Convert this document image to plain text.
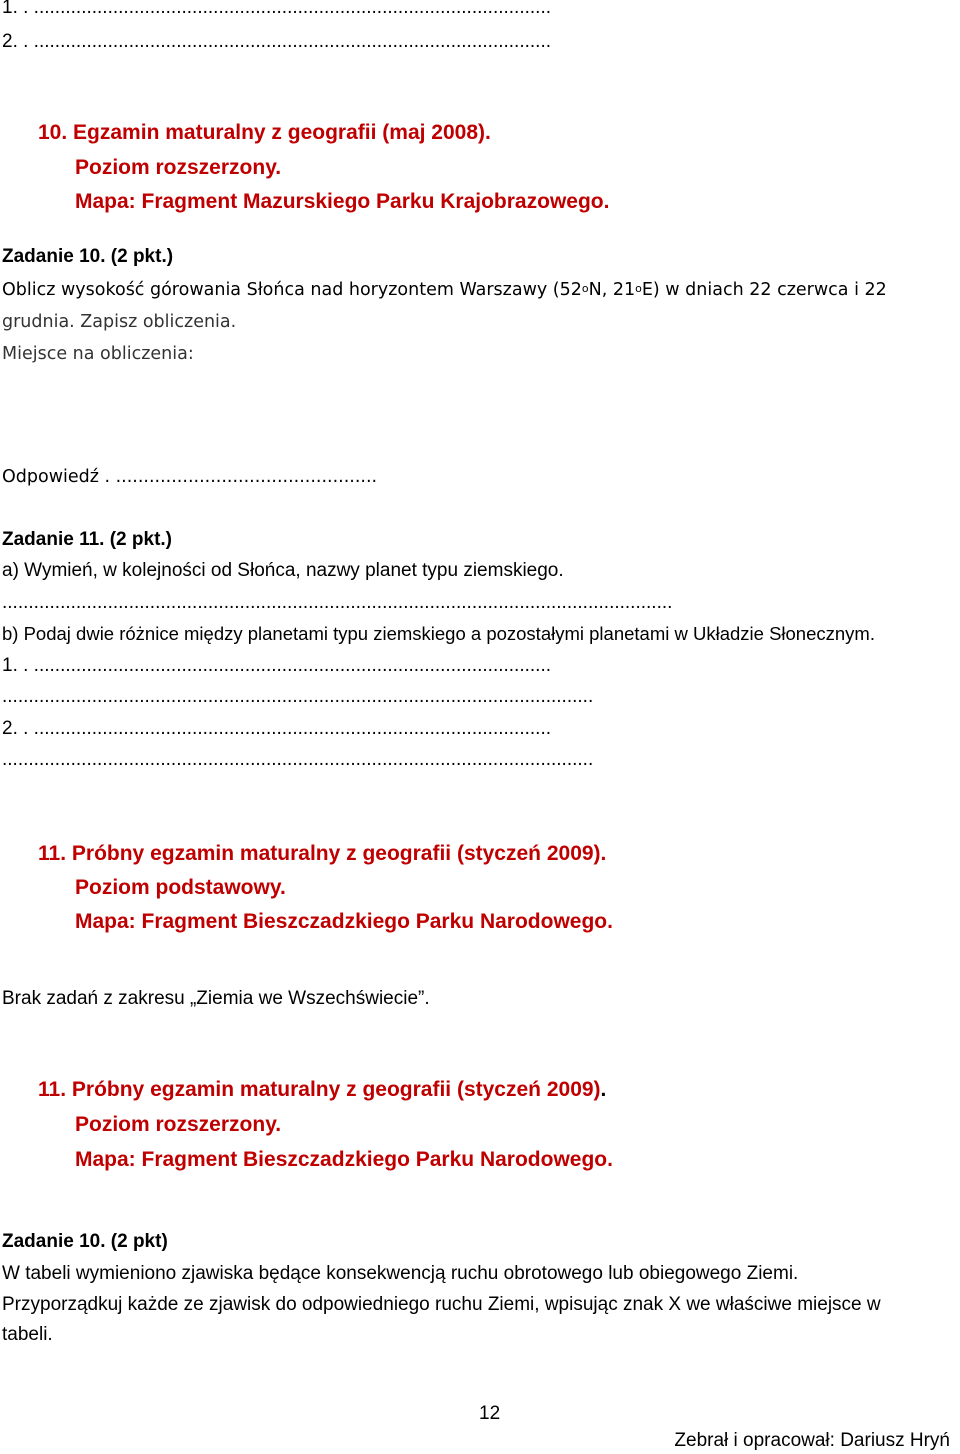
1. . ..................................................................................................
2. . ..................................................................................................
10. Egzamin maturalny z geografii (maj 2008).
Poziom rozszerzony.
Mapa: Fragment Mazurskiego Parku Krajobrazowego.
Zadanie 10. (2 pkt.)
Oblicz wysokość górowania Słońca nad horyzontem Warszawy (52$^o$N, 21$^o$E) w dniach 22 czerwca i 22
grudnia. Zapisz obliczenia.
Miejsce na obliczenia:
Odpowiedź . ...............................................
Zadanie 11. (2 pkt.)
a) Wymień, w kolejności od Słońca, nazwy planet typu ziemskiego.
...............................................................................................................................
b) Podaj dwie różnice między planetami typu ziemskiego a pozostałymi planetami w Układzie Słonecznym.
1. . ..................................................................................................
................................................................................................................
2. . ..................................................................................................
................................................................................................................
11. Próbny egzamin maturalny z geografii (styczeń 2009).
Poziom podstawowy.
Mapa: Fragment Bieszczadzkiego Parku Narodowego.
Brak zadań z zakresu „Ziemia we Wszechświecie”.
11. Próbny egzamin maturalny z geografii (styczeń 2009).
Poziom rozszerzony.
Mapa: Fragment Bieszczadzkiego Parku Narodowego.
Zadanie 10. (2 pkt)
W tabeli wymieniono zjawiska będące konsekwencją ruchu obrotowego lub obiegowego Ziemi.
Przyporządkuj każde ze zjawisk do odpowiedniego ruchu Ziemi, wpisując znak X we właściwe miejsce w
tabeli.
12
Zebrał i opracował: Dariusz Hryń
